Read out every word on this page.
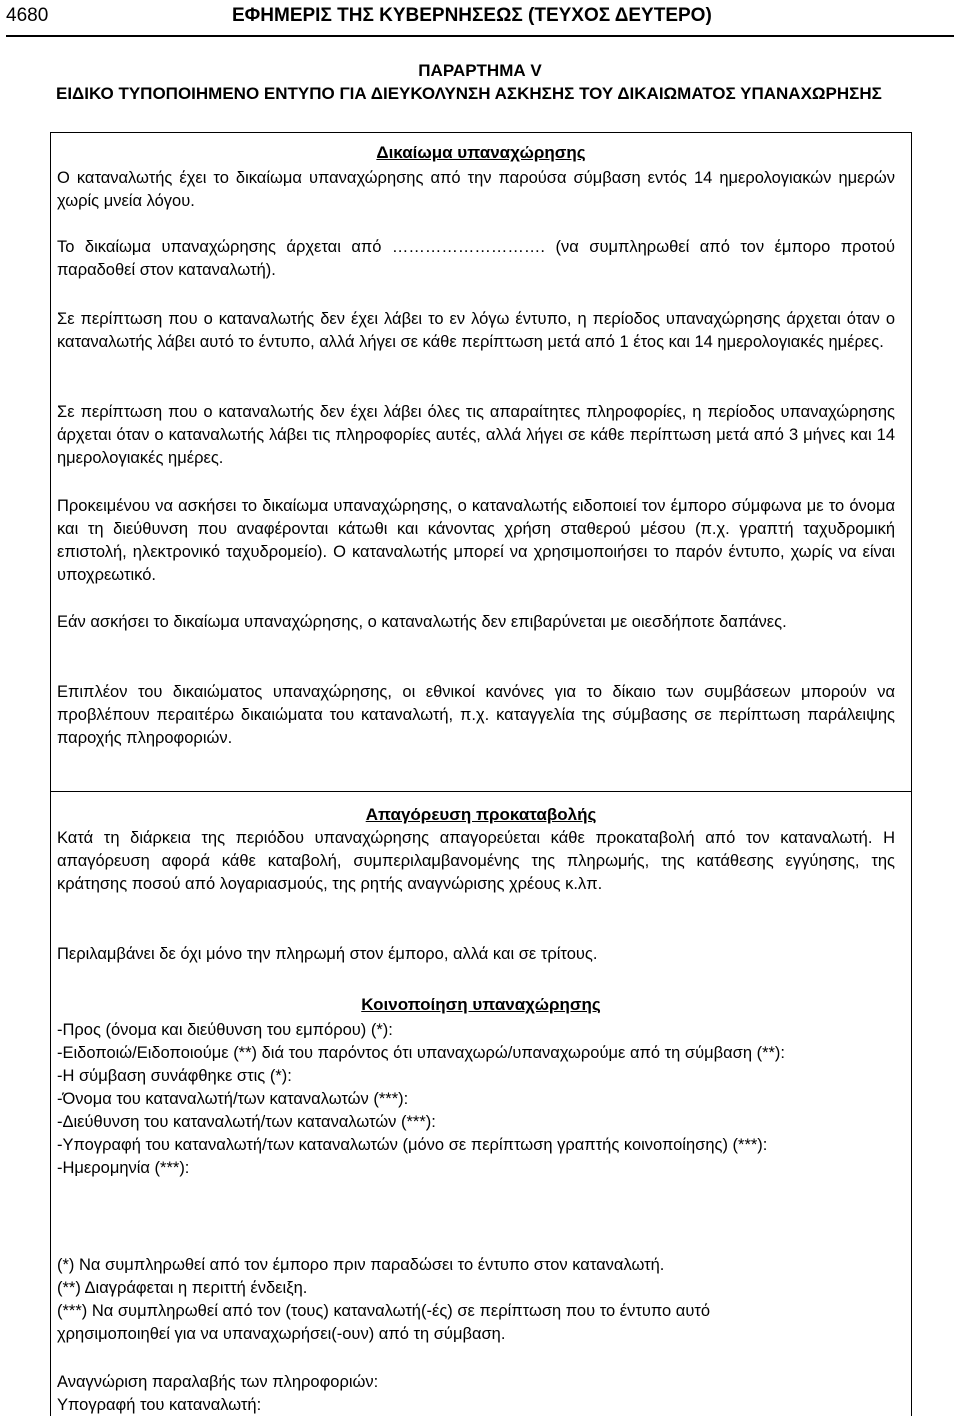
4680	ΕΦΗΜΕΡΙΣ ΤΗΣ ΚΥΒΕΡΝΗΣΕΩΣ (ΤΕΥΧΟΣ ΔΕΥΤΕΡΟ)
ΠΑΡΑΡΤΗΜΑ V
ΕΙΔΙΚΟ ΤΥΠΟΠΟΙΗΜΕΝΟ ΕΝΤΥΠΟ ΓΙΑ ΔΙΕΥΚΟΛΥΝΣΗ ΑΣΚΗΣΗΣ ΤΟΥ ΔΙΚΑΙΩΜΑΤΟΣ ΥΠΑΝΑΧΩΡΗΣΗΣ
Δικαίωμα υπαναχώρησης
Ο καταναλωτής έχει το δικαίωμα υπαναχώρησης από την παρούσα σύμβαση εντός 14 ημερολογιακών ημερών χωρίς μνεία λόγου.
Το δικαίωμα υπαναχώρησης άρχεται από ………………………. (να συμπληρωθεί από τον έμπορο προτού παραδοθεί στον καταναλωτή).
Σε περίπτωση που ο καταναλωτής δεν έχει λάβει το εν λόγω έντυπο, η περίοδος υπαναχώρησης άρχεται όταν ο καταναλωτής λάβει αυτό το έντυπο, αλλά λήγει σε κάθε περίπτωση μετά από 1 έτος και 14 ημερολογιακές ημέρες.
Σε περίπτωση που ο καταναλωτής δεν έχει λάβει όλες τις απαραίτητες πληροφορίες, η περίοδος υπαναχώρησης άρχεται όταν ο καταναλωτής λάβει τις πληροφορίες αυτές, αλλά λήγει σε κάθε περίπτωση μετά από 3 μήνες και 14 ημερολογιακές ημέρες.
Προκειμένου να ασκήσει το δικαίωμα υπαναχώρησης, ο καταναλωτής ειδοποιεί τον έμπορο σύμφωνα με το όνομα και τη διεύθυνση που αναφέρονται κάτωθι και κάνοντας χρήση σταθερού μέσου (π.χ. γραπτή ταχυδρομική επιστολή, ηλεκτρονικό ταχυδρομείο). Ο καταναλωτής μπορεί να χρησιμοποιήσει το παρόν έντυπο, χωρίς να είναι υποχρεωτικό.
Εάν ασκήσει το δικαίωμα υπαναχώρησης, ο καταναλωτής δεν επιβαρύνεται με οιεσδήποτε δαπάνες.
Επιπλέον του δικαιώματος υπαναχώρησης, οι εθνικοί κανόνες για το δίκαιο των συμβάσεων μπορούν να προβλέπουν περαιτέρω δικαιώματα του καταναλωτή, π.χ. καταγγελία της σύμβασης σε περίπτωση παράλειψης παροχής πληροφοριών.
Απαγόρευση προκαταβολής
Κατά τη διάρκεια της περιόδου υπαναχώρησης απαγορεύεται κάθε προκαταβολή από τον καταναλωτή. Η απαγόρευση αφορά κάθε καταβολή, συμπεριλαμβανομένης της πληρωμής, της κατάθεσης εγγύησης, της κράτησης ποσού από λογαριασμούς, της ρητής αναγνώρισης χρέους κ.λπ.
Περιλαμβάνει δε όχι μόνο την πληρωμή στον έμπορο, αλλά και σε τρίτους.
Κοινοποίηση υπαναχώρησης
-Προς (όνομα και διεύθυνση του εμπόρου) (*):
-Ειδοποιώ/Ειδοποιούμε (**) διά του παρόντος ότι υπαναχωρώ/υπαναχωρούμε από τη σύμβαση (**):
-Η σύμβαση συνάφθηκε στις (*):
-Όνομα του καταναλωτή/των καταναλωτών (***):
-Διεύθυνση του καταναλωτή/των καταναλωτών (***):
-Υπογραφή του καταναλωτή/των καταναλωτών (μόνο σε περίπτωση γραπτής κοινοποίησης) (***):
-Ημερομηνία (***):
(*) Να συμπληρωθεί από τον έμπορο πριν παραδώσει το έντυπο στον καταναλωτή.
(**) Διαγράφεται η περιττή ένδειξη.
(***) Να συμπληρωθεί από τον (τους) καταναλωτή(-ές) σε περίπτωση που το έντυπο αυτό χρησιμοποιηθεί για να υπαναχωρήσει(-ουν) από τη σύμβαση.
Αναγνώριση παραλαβής των πληροφοριών:
Υπογραφή του καταναλωτή:
